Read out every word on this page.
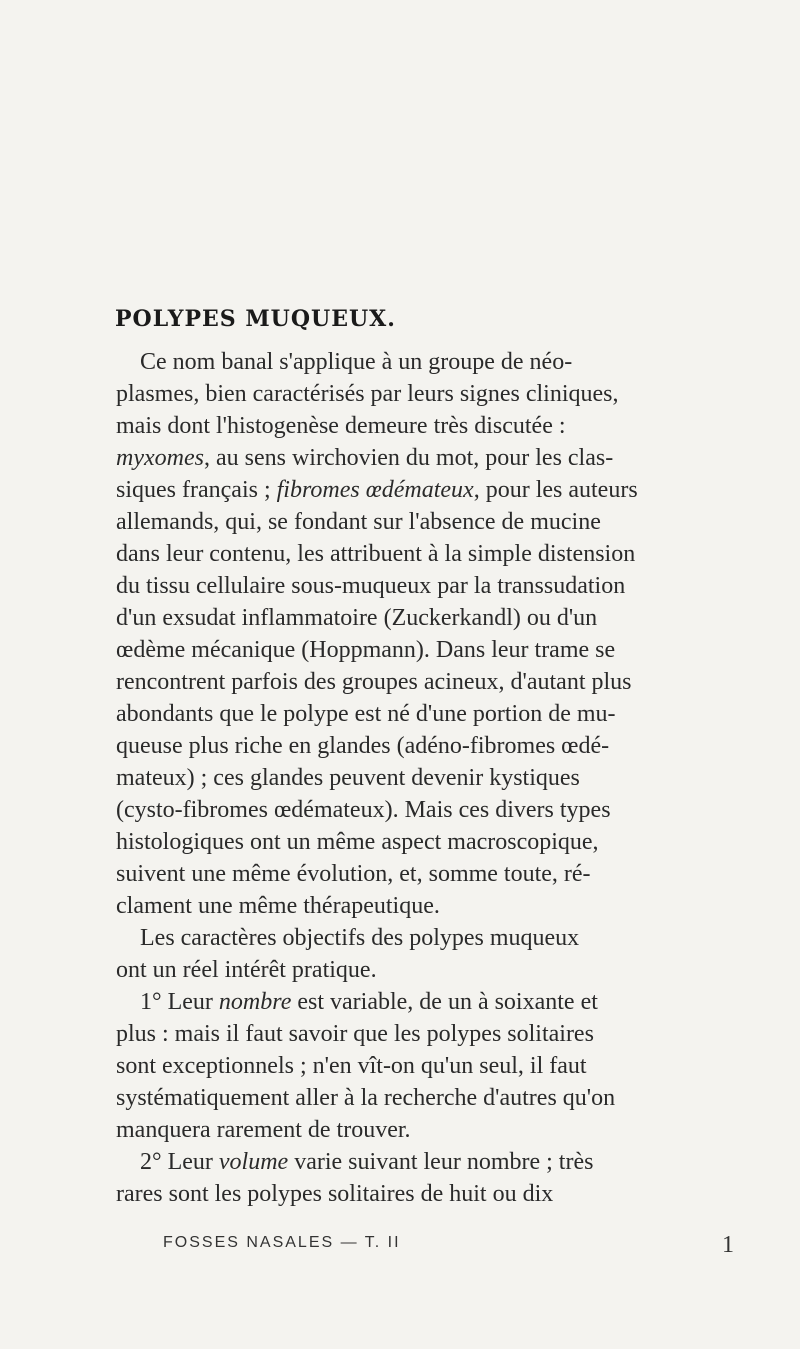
POLYPES MUQUEUX.
Ce nom banal s'applique à un groupe de néo-
plasmes, bien caractérisés par leurs signes cliniques,
mais dont l'histogenèse demeure très discutée :
myxomes, au sens wirchovien du mot, pour les clas-
siques français ; fibromes œdémateux, pour les auteurs
allemands, qui, se fondant sur l'absence de mucine
dans leur contenu, les attribuent à la simple distension
du tissu cellulaire sous-muqueux par la transsudation
d'un exsudat inflammatoire (Zuckerkandl) ou d'un
œdème mécanique (Hoppmann). Dans leur trame se
rencontrent parfois des groupes acineux, d'autant plus
abondants que le polype est né d'une portion de mu-
queuse plus riche en glandes (adéno-fibromes œdé-
mateux) ; ces glandes peuvent devenir kystiques
(cysto-fibromes œdémateux). Mais ces divers types
histologiques ont un même aspect macroscopique,
suivent une même évolution, et, somme toute, ré-
clament une même thérapeutique.
Les caractères objectifs des polypes muqueux
ont un réel intérêt pratique.
1° Leur nombre est variable, de un à soixante et
plus : mais il faut savoir que les polypes solitaires
sont exceptionnels ; n'en vît-on qu'un seul, il faut
systématiquement aller à la recherche d'autres qu'on
manquera rarement de trouver.
2° Leur volume varie suivant leur nombre ; très
rares sont les polypes solitaires de huit ou dix
FOSSES NASALES — T. II	1
